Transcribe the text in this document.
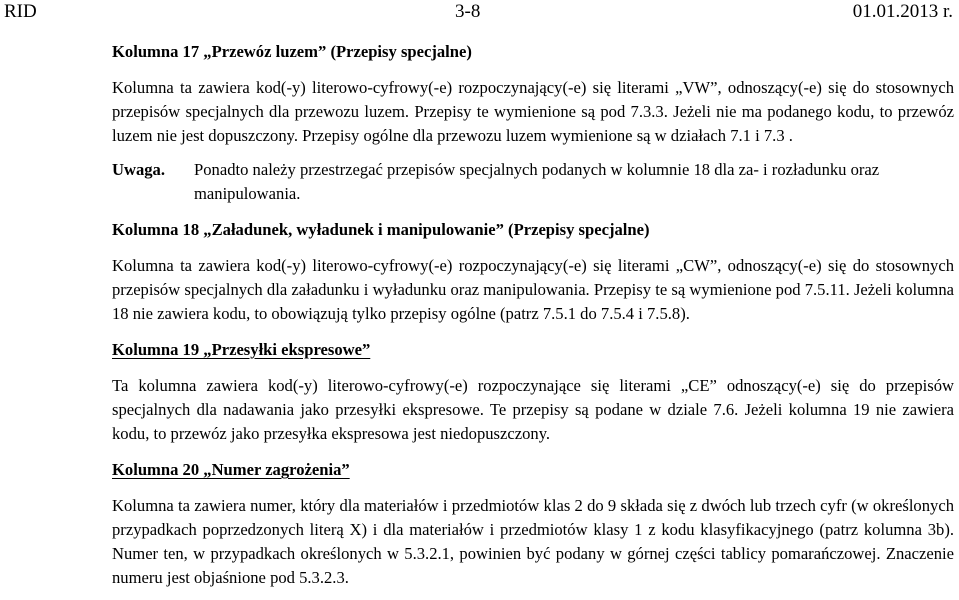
RID	3-8	01.01.2013 r.
Kolumna 17 „Przewóz luzem” (Przepisy specjalne)

Kolumna ta zawiera kod(-y) literowo-cyfrowy(-e) rozpoczynający(-e) się literami „VW”, odnoszący(-e) się do stosownych przepisów specjalnych dla przewozu luzem. Przepisy te wymienione są pod 7.3.3. Jeżeli nie ma podanego kodu, to przewóz luzem nie jest dopuszczony. Przepisy ogólne dla przewozu luzem wymienione są w działach 7.1 i 7.3 .

Uwaga. Ponadto należy przestrzegać przepisów specjalnych podanych w kolumnie 18 dla za- i rozładunku oraz manipulowania.
Kolumna 18 „Załadunek, wyładunek i manipulowanie” (Przepisy specjalne)

Kolumna ta zawiera kod(-y) literowo-cyfrowy(-e) rozpoczynający(-e) się literami „CW”, odnoszący(-e) się do stosownych przepisów specjalnych dla załadunku i wyładunku oraz manipulowania. Przepisy te są wymienione pod 7.5.11. Jeżeli kolumna 18 nie zawiera kodu, to obowiązują tylko przepisy ogólne (patrz 7.5.1 do 7.5.4 i 7.5.8).

Kolumna 19 „Przesyłki ekspresowe”

Ta kolumna zawiera kod(-y) literowo-cyfrowy(-e) rozpoczynające się literami „CE” odnoszący(-e) się do przepisów specjalnych dla nadawania jako przesyłki ekspresowe. Te przepisy są podane w dziale 7.6. Jeżeli kolumna 19 nie zawiera kodu, to przewóz jako przesyłka ekspresowa jest niedopuszczony.

Kolumna 20 „Numer zagrożenia”

Kolumna ta zawiera numer, który dla materiałów i przedmiotów klas 2 do 9 składa się z dwóch lub trzech cyfr (w określonych przypadkach poprzedzonych literą X) i dla materiałów i przedmiotów klasy 1 z kodu klasyfikacyjnego (patrz kolumna 3b). Numer ten, w przypadkach określonych w 5.3.2.1, powinien być podany w górnej części tablicy pomarańczowej. Znaczenie numeru jest objaśnione pod 5.3.2.3.
